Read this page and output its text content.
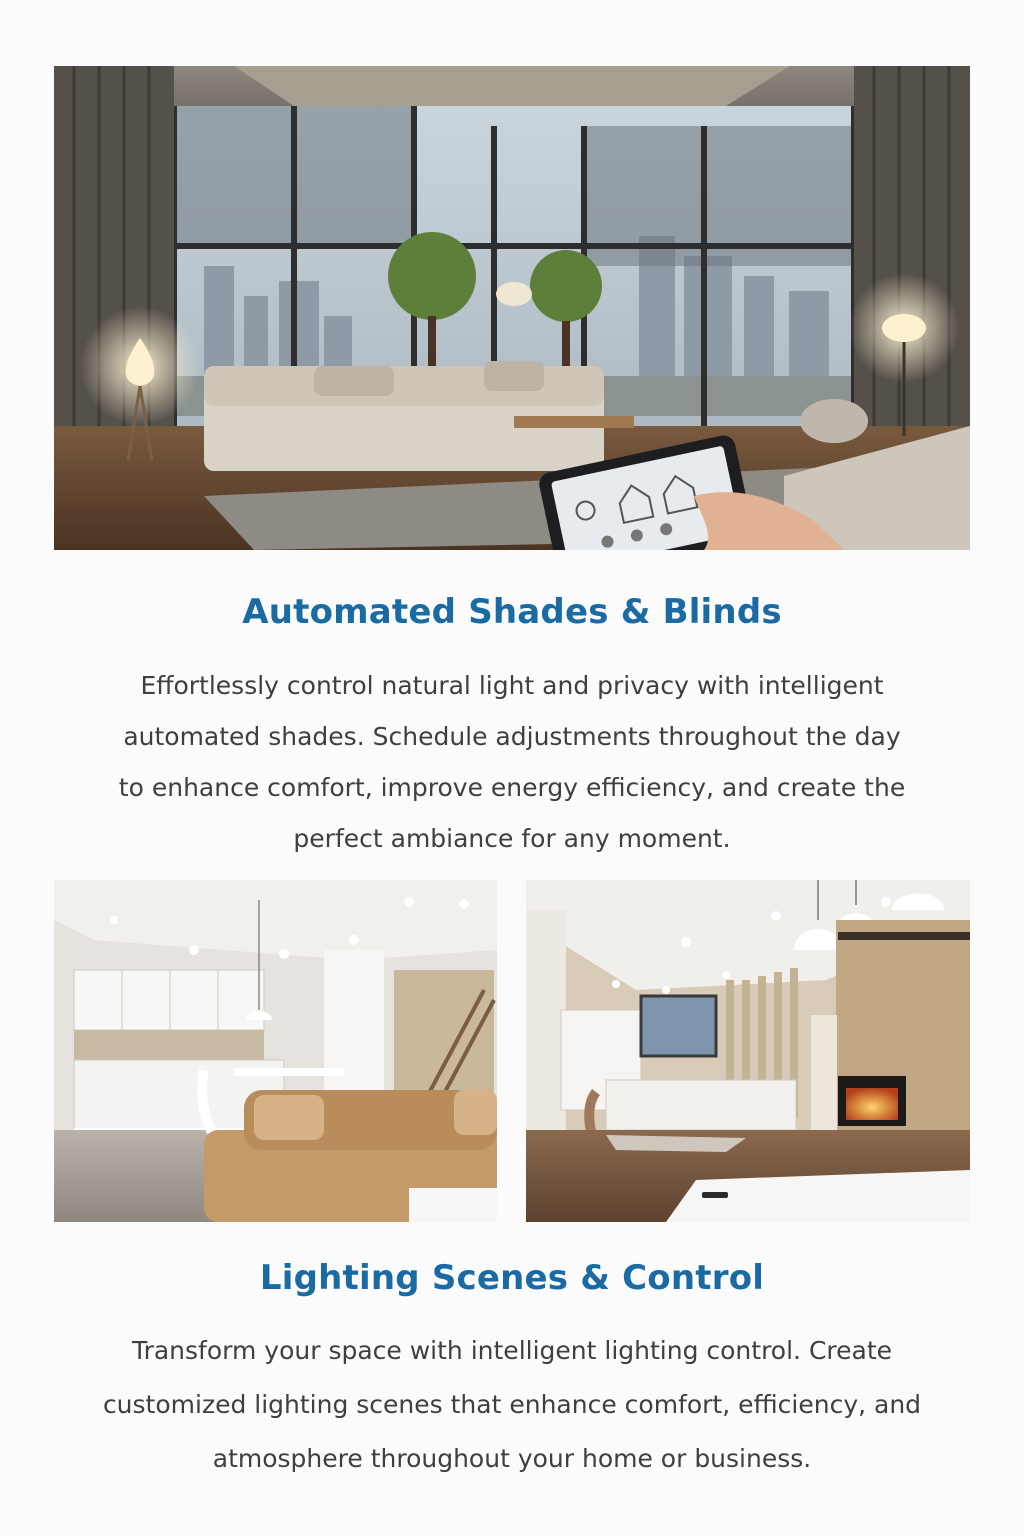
Automated Shades & Blinds

Effortlessly control natural light and privacy with intelligent
automated shades. Schedule adjustments throughout the day
to enhance comfort, improve energy efficiency, and create the
perfect ambiance for any moment.

Lighting Scenes & Control

Transform your space with intelligent lighting control. Create
customized lighting scenes that enhance comfort, efficiency, and
atmosphere throughout your home or business.
